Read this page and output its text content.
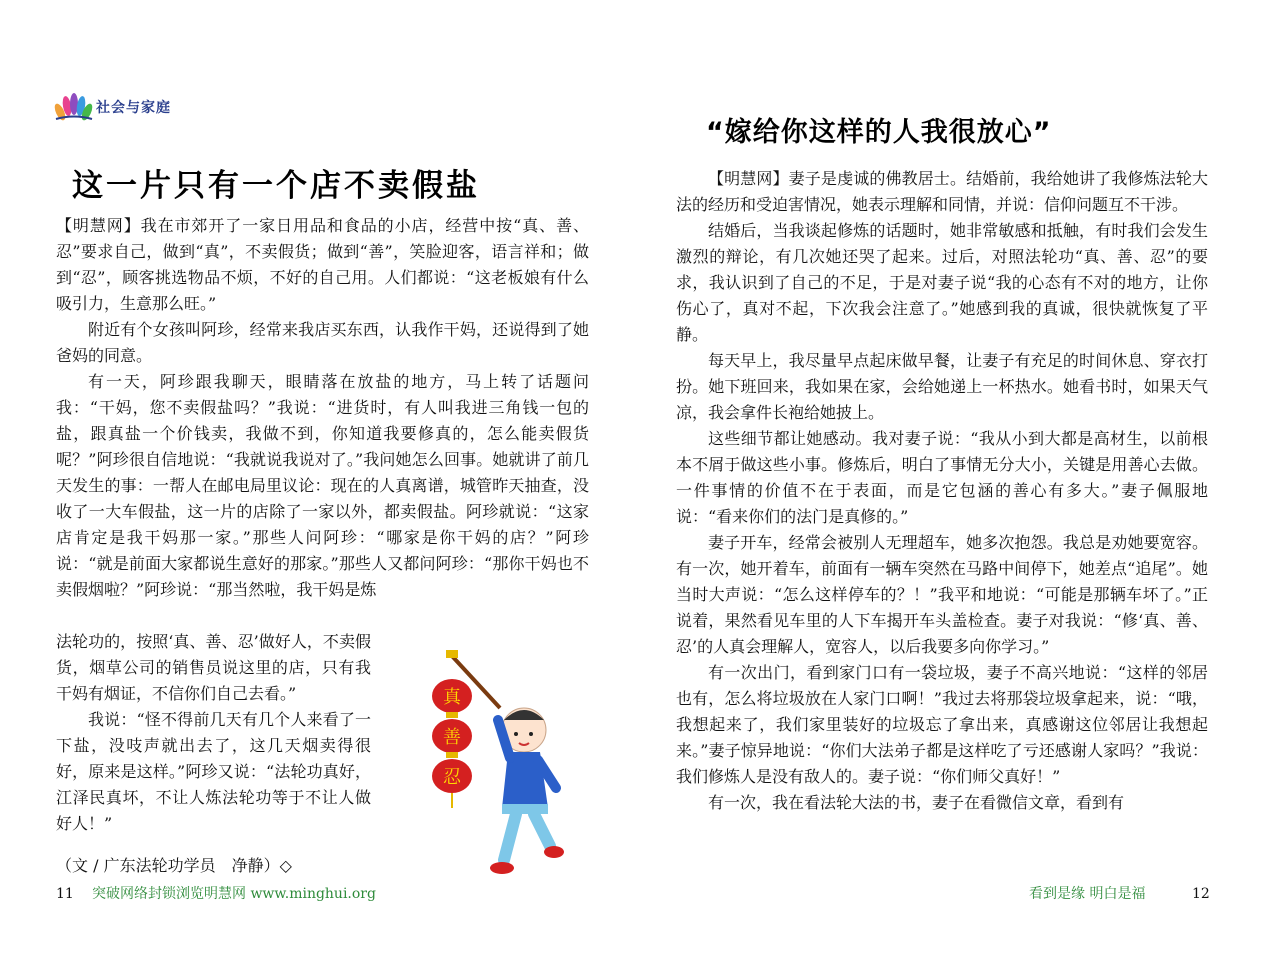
社会与家庭
这一片只有一个店不卖假盐

【明慧网】我在市郊开了一家日用品和食品的小店，经营中按“真、善、忍”要求自己，做到“真”，不卖假货；做到“善”，笑脸迎客，语言祥和；做到“忍”，顾客挑选物品不烦，不好的自己用。人们都说：“这老板娘有什么吸引力，生意那么旺。”

附近有个女孩叫阿珍，经常来我店买东西，认我作干妈，还说得到了她爸妈的同意。

有一天，阿珍跟我聊天，眼睛落在放盐的地方，马上转了话题问我：“干妈，您不卖假盐吗？”我说：“进货时，有人叫我进三角钱一包的盐，跟真盐一个价钱卖，我做不到，你知道我要修真的，怎么能卖假货呢？”阿珍很自信地说：“我就说我说对了。”我问她怎么回事。她就讲了前几天发生的事：一帮人在邮电局里议论：现在的人真离谱，城管昨天抽查，没收了一大车假盐，这一片的店除了一家以外，都卖假盐。阿珍就说：“这家店肯定是我干妈那一家。”那些人问阿珍：“哪家是你干妈的店？”阿珍说：“就是前面大家都说生意好的那家。”那些人又都问阿珍：“那你干妈也不卖假烟啦？”阿珍说：“那当然啦，我干妈是炼

法轮功的，按照‘真、善、忍’做好人，不卖假货，烟草公司的销售员说这里的店，只有我干妈有烟证，不信你们自己去看。”

我说：“怪不得前几天有几个人来看了一下盐，没吱声就出去了，这几天烟卖得很好，原来是这样。”阿珍又说：“法轮功真好，江泽民真坏，不让人炼法轮功等于不让人做好人！”

（文 / 广东法轮功学员　净静）◇
真
善
忍
11 突破网络封锁浏览明慧网 www.minghui.org
“嫁给你这样的人我很放心”

【明慧网】妻子是虔诚的佛教居士。结婚前，我给她讲了我修炼法轮大法的经历和受迫害情况，她表示理解和同情，并说：信仰问题互不干涉。

结婚后，当我谈起修炼的话题时，她非常敏感和抵触，有时我们会发生激烈的辩论，有几次她还哭了起来。过后，对照法轮功“真、善、忍”的要求，我认识到了自己的不足，于是对妻子说“我的心态有不对的地方，让你伤心了，真对不起，下次我会注意了。”她感到我的真诚，很快就恢复了平静。

每天早上，我尽量早点起床做早餐，让妻子有充足的时间休息、穿衣打扮。她下班回来，我如果在家，会给她递上一杯热水。她看书时，如果天气凉，我会拿件长袍给她披上。

这些细节都让她感动。我对妻子说：“我从小到大都是高材生，以前根本不屑于做这些小事。修炼后，明白了事情无分大小，关键是用善心去做。一件事情的价值不在于表面，而是它包涵的善心有多大。”妻子佩服地说：“看来你们的法门是真修的。”

妻子开车，经常会被别人无理超车，她多次抱怨。我总是劝她要宽容。有一次，她开着车，前面有一辆车突然在马路中间停下，她差点“追尾”。她当时大声说：“怎么这样停车的？！”我平和地说：“可能是那辆车坏了。”正说着，果然看见车里的人下车揭开车头盖检查。妻子对我说：“修‘真、善、忍’的人真会理解人，宽容人，以后我要多向你学习。”

有一次出门，看到家门口有一袋垃圾，妻子不高兴地说：“这样的邻居也有，怎么将垃圾放在人家门口啊！”我过去将那袋垃圾拿起来，说：“哦，我想起来了，我们家里装好的垃圾忘了拿出来，真感谢这位邻居让我想起来。”妻子惊异地说：“你们大法弟子都是这样吃了亏还感谢人家吗？”我说：我们修炼人是没有敌人的。妻子说：“你们师父真好！”

有一次，我在看法轮大法的书，妻子在看微信文章，看到有

看到是缘 明白是福	12
